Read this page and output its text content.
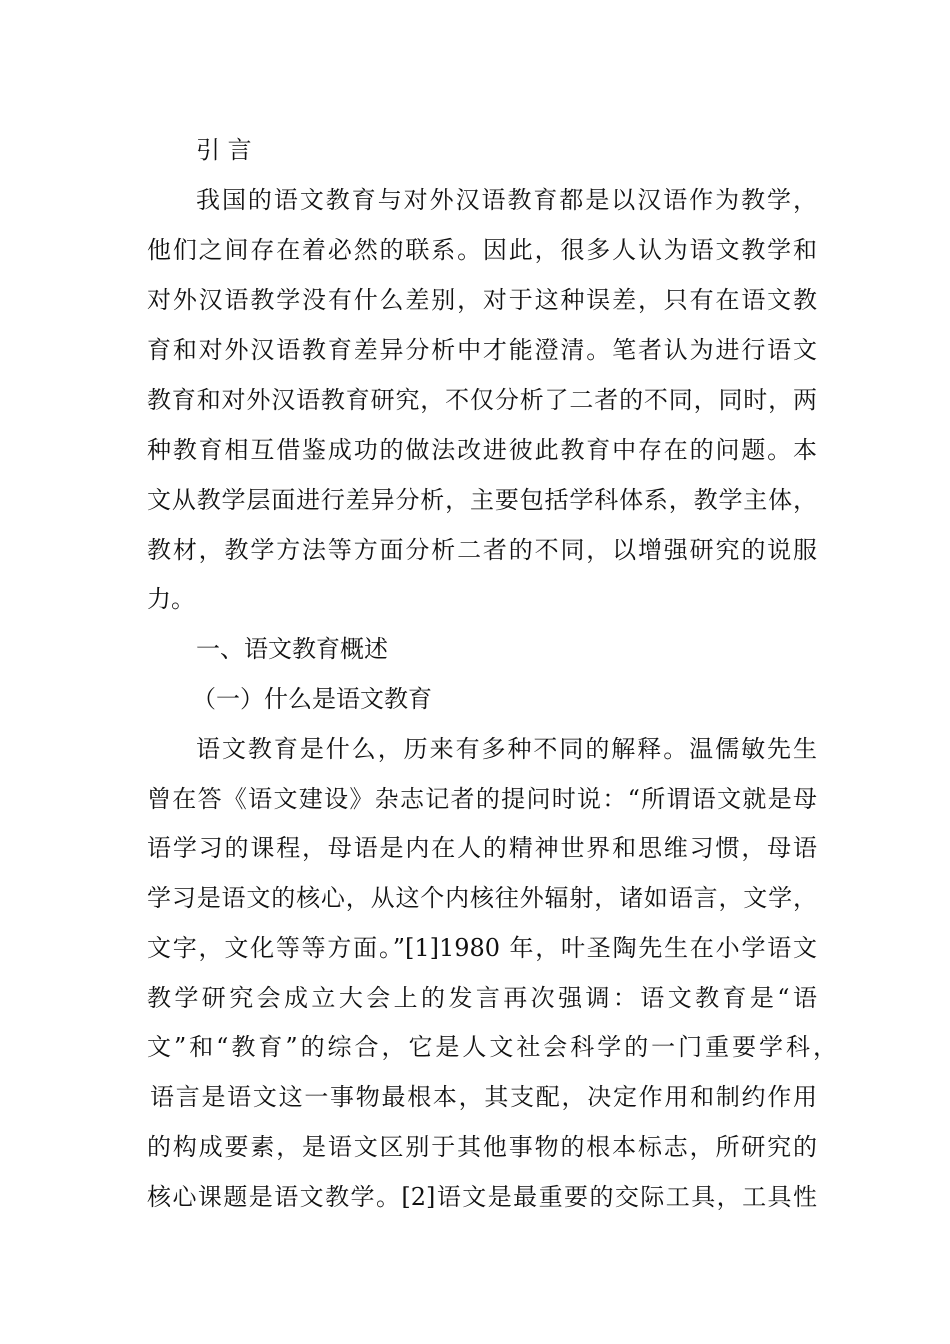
引 言
我国的语文教育与对外汉语教育都是以汉语作为教学，
他们之间存在着必然的联系。因此，很多人认为语文教学和
对外汉语教学没有什么差别，对于这种误差，只有在语文教
育和对外汉语教育差异分析中才能澄清。笔者认为进行语文
教育和对外汉语教育研究，不仅分析了二者的不同，同时，两
种教育相互借鉴成功的做法改进彼此教育中存在的问题。本
文从教学层面进行差异分析，主要包括学科体系，教学主体，
教材，教学方法等方面分析二者的不同，以增强研究的说服
力。
一、语文教育概述
（一）什么是语文教育
语文教育是什么，历来有多种不同的解释。温儒敏先生
曾在答《语文建设》杂志记者的提问时说：“所谓语文就是母
语学习的课程，母语是内在人的精神世界和思维习惯，母语
学习是语文的核心，从这个内核往外辐射，诸如语言，文学，
文字，文化等等方面。”[1]1980 年，叶圣陶先生在小学语文
教学研究会成立大会上的发言再次强调：语文教育是“语
文”和“教育”的综合，它是人文社会科学的一门重要学科，
语言是语文这一事物最根本，其支配，决定作用和制约作用
的构成要素，是语文区别于其他事物的根本标志，所研究的
核心课题是语文教学。[2]语文是最重要的交际工具，工具性
